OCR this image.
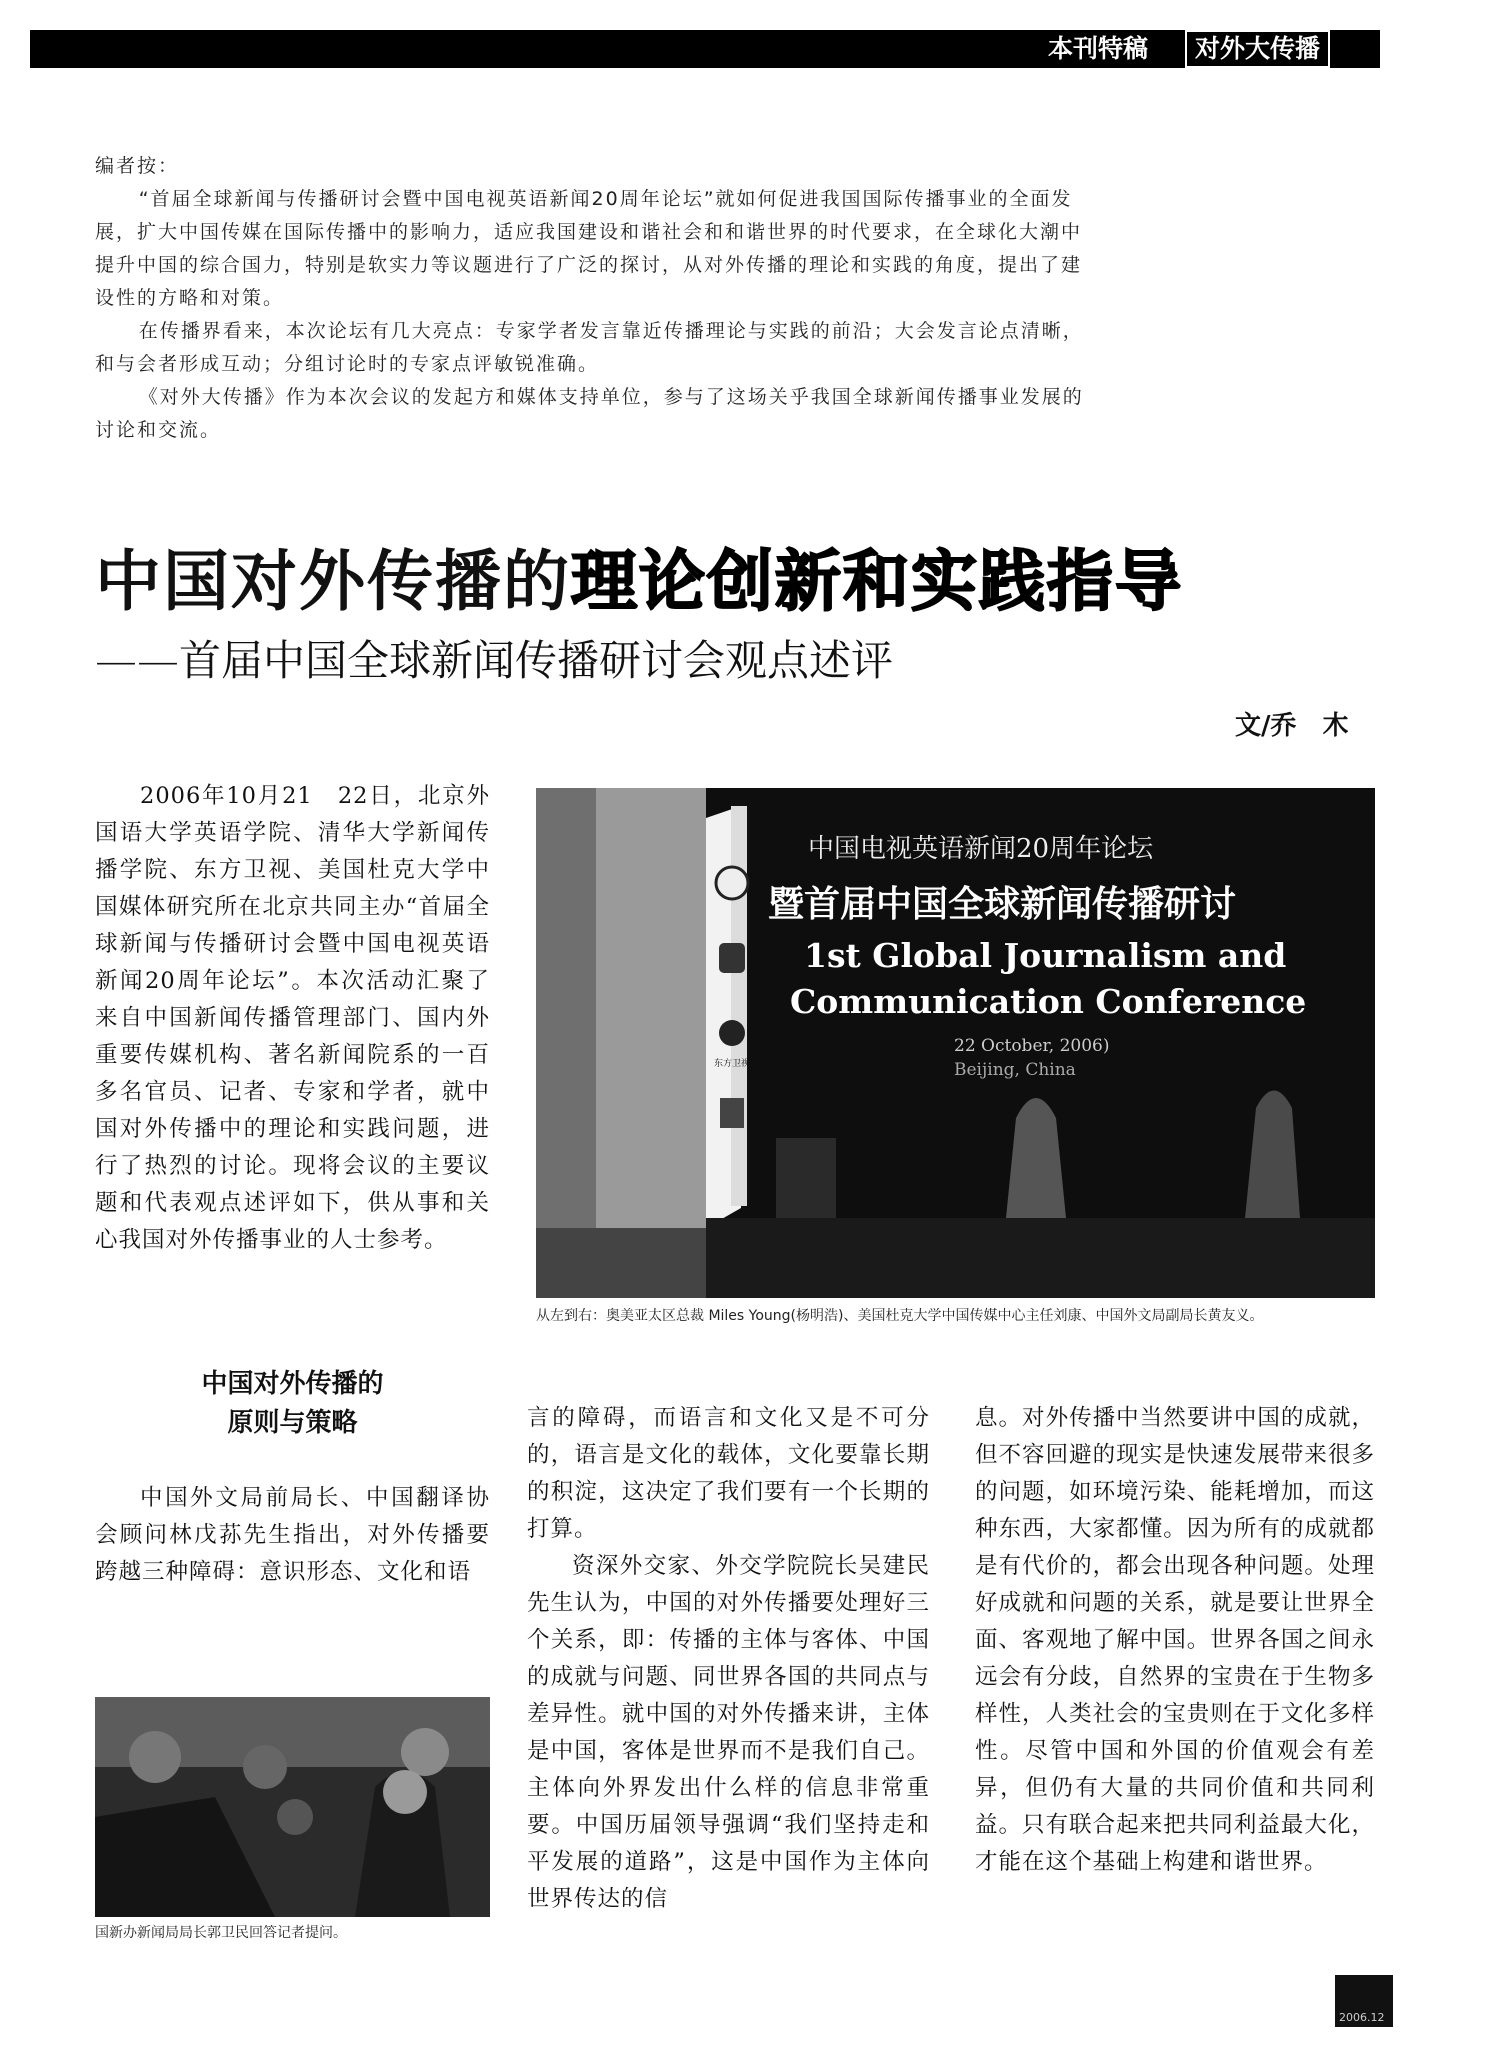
本刊特稿	对外大传播

编者按：

“首届全球新闻与传播研讨会暨中国电视英语新闻20周年论坛”就如何促进我国国际传播事业的全面发展，扩大中国传媒在国际传播中的影响力，适应我国建设和谐社会和和谐世界的时代要求，在全球化大潮中提升中国的综合国力，特别是软实力等议题进行了广泛的探讨，从对外传播的理论和实践的角度，提出了建设性的方略和对策。

在传播界看来，本次论坛有几大亮点：专家学者发言靠近传播理论与实践的前沿；大会发言论点清晰，和与会者形成互动；分组讨论时的专家点评敏锐准确。

《对外大传播》作为本次会议的发起方和媒体支持单位，参与了这场关乎我国全球新闻传播事业发展的讨论和交流。

中国对外传播的理论创新和实践指导
——首届中国全球新闻传播研讨会观点述评
文/乔　木

2006年10月21　22日，北京外国语大学英语学院、清华大学新闻传播学院、东方卫视、美国杜克大学中国媒体研究所在北京共同主办“首届全球新闻与传播研讨会暨中国电视英语新闻20周年论坛”。本次活动汇聚了来自中国新闻传播管理部门、国内外重要传媒机构、著名新闻院系的一百多名官员、记者、专家和学者，就中国对外传播中的理论和实践问题，进行了热烈的讨论。现将会议的主要议题和代表观点述评如下，供从事和关心我国对外传播事业的人士参考。

中国电视英语新闻20周年论坛
暨首届中国全球新闻传播研讨
1st Global Journalism and
Communication Conference
22 October, 2006)
Beijing, China
东方卫视
从左到右：奥美亚太区总裁 Miles Young(杨明浩)、美国杜克大学中国传媒中心主任刘康、中国外文局副局长黄友义。
中国对外传播的
原则与策略

中国外文局前局长、中国翻译协会顾问林戊荪先生指出，对外传播要跨越三种障碍：意识形态、文化和语

国新办新闻局局长郭卫民回答记者提问。

言的障碍，而语言和文化又是不可分的，语言是文化的载体，文化要靠长期的积淀，这决定了我们要有一个长期的打算。

资深外交家、外交学院院长吴建民先生认为，中国的对外传播要处理好三个关系，即：传播的主体与客体、中国的成就与问题、同世界各国的共同点与差异性。就中国的对外传播来讲，主体是中国，客体是世界而不是我们自己。主体向外界发出什么样的信息非常重要。中国历届领导强调“我们坚持走和平发展的道路”，这是中国作为主体向世界传达的信

息。对外传播中当然要讲中国的成就，但不容回避的现实是快速发展带来很多的问题，如环境污染、能耗增加，而这种东西，大家都懂。因为所有的成就都是有代价的，都会出现各种问题。处理好成就和问题的关系，就是要让世界全面、客观地了解中国。世界各国之间永远会有分歧，自然界的宝贵在于生物多样性，人类社会的宝贵则在于文化多样性。尽管中国和外国的价值观会有差异，但仍有大量的共同价值和共同利益。只有联合起来把共同利益最大化，才能在这个基础上构建和谐世界。

2006.12
